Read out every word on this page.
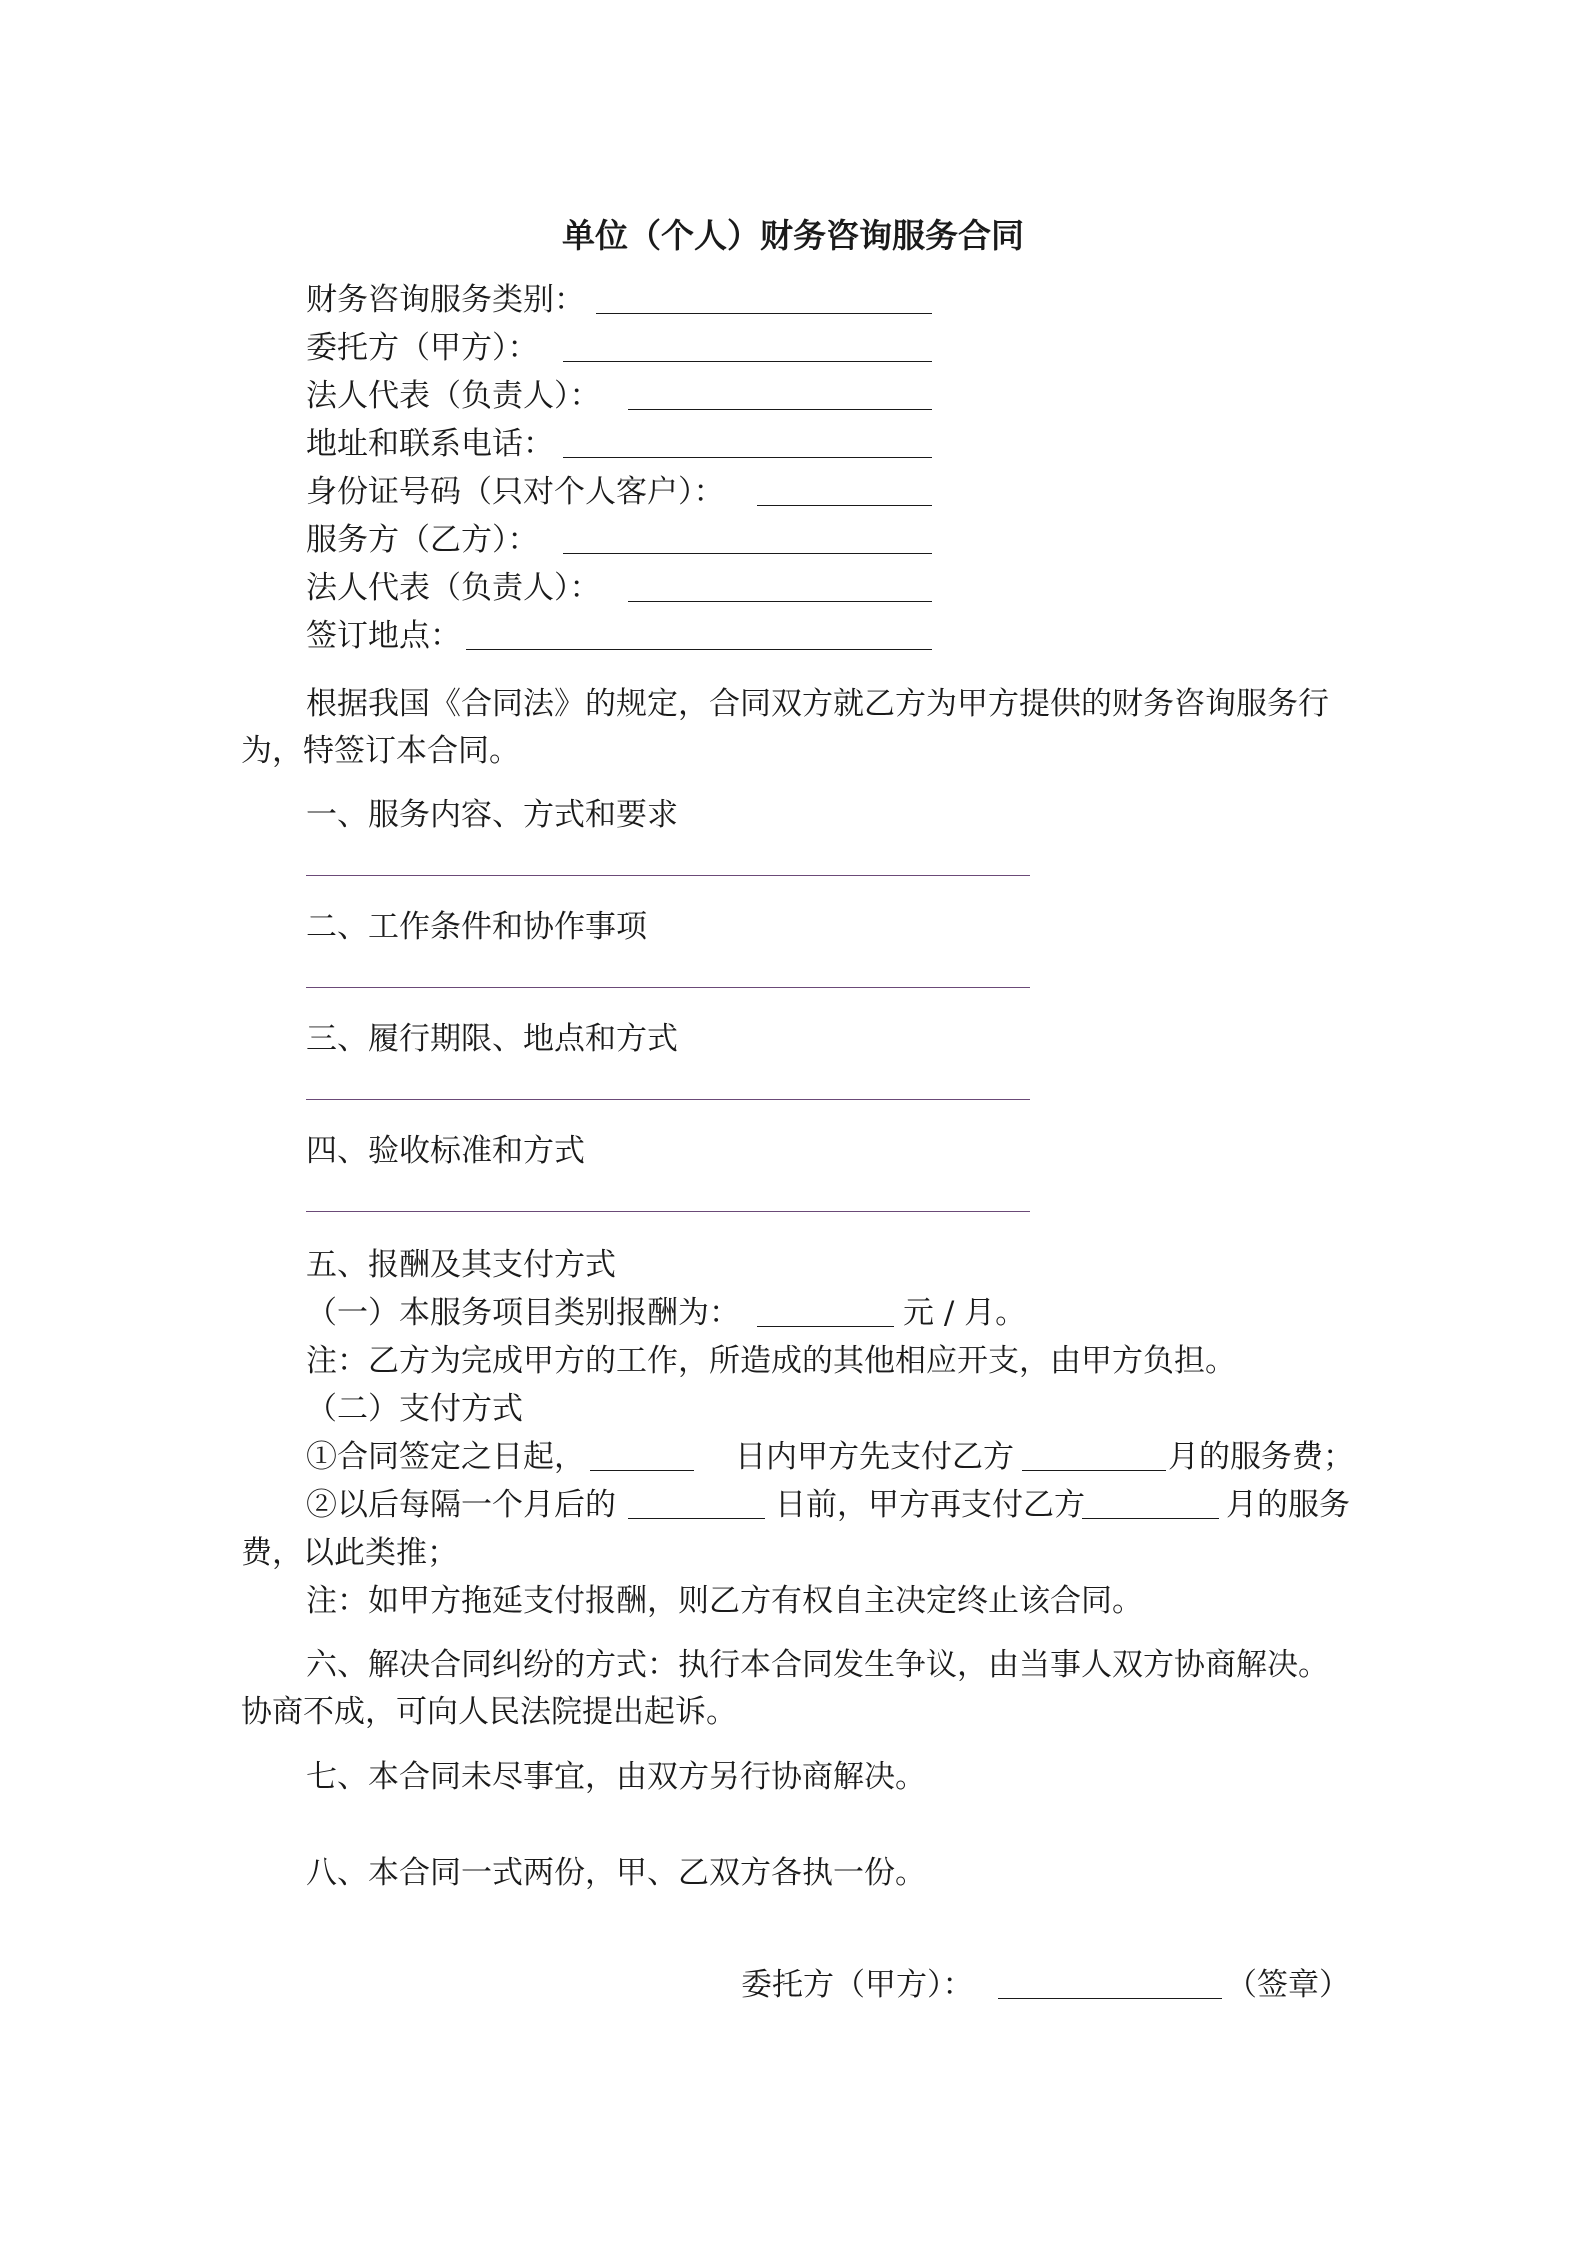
单位（个人）财务咨询服务合同
财务咨询服务类别：
委托方（甲方）：
法人代表（负责人）：
地址和联系电话：
身份证号码（只对个人客户）：
服务方（乙方）：
法人代表（负责人）：
签订地点：
根据我国《合同法》的规定，合同双方就乙方为甲方提供的财务咨询服务行
为，特签订本合同。
一、服务内容、方式和要求
二、工作条件和协作事项
三、履行期限、地点和方式
四、验收标准和方式
五、报酬及其支付方式
（一）本服务项目类别报酬为：	元 / 月。
注：乙方为完成甲方的工作，所造成的其他相应开支，由甲方负担。
（二）支付方式
①合同签定之日起，	日内甲方先支付乙方	月的服务费；
②以后每隔一个月后的	日前，甲方再支付乙方	月的服务
费，以此类推；
注：如甲方拖延支付报酬，则乙方有权自主决定终止该合同。
六、解决合同纠纷的方式：执行本合同发生争议，由当事人双方协商解决。
协商不成，可向人民法院提出起诉。
七、本合同未尽事宜，由双方另行协商解决。
八、本合同一式两份，甲、乙双方各执一份。
委托方（甲方）：	（签章）
